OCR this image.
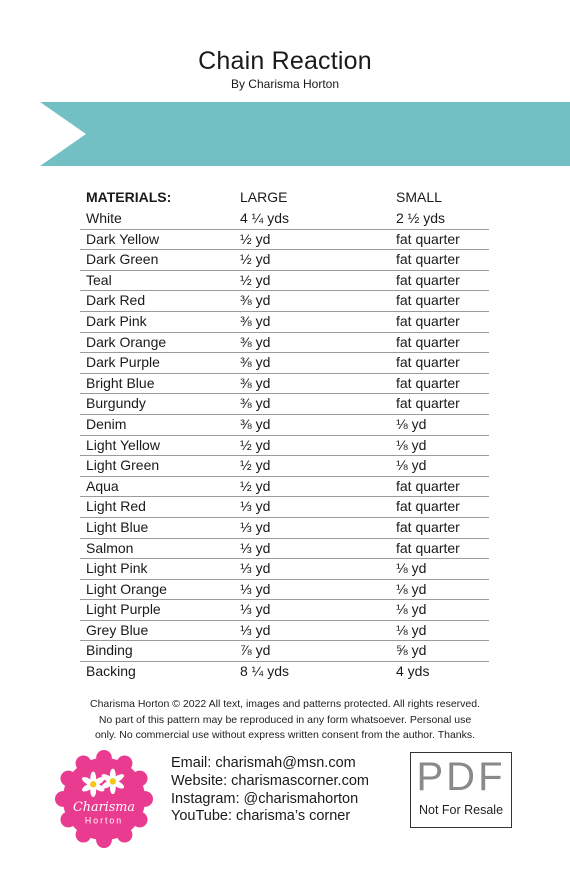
Chain Reaction
By Charisma Horton
MATERIALS:	LARGE	SMALL
White	4 ¼ yds	2 ½ yds
Dark Yellow	½ yd	fat quarter
Dark Green	½ yd	fat quarter
Teal	½ yd	fat quarter
Dark Red	⅜ yd	fat quarter
Dark Pink	⅜ yd	fat quarter
Dark Orange	⅜ yd	fat quarter
Dark Purple	⅜ yd	fat quarter
Bright Blue	⅜ yd	fat quarter
Burgundy	⅜ yd	fat quarter
Denim	⅜ yd	⅛ yd
Light Yellow	½ yd	⅛ yd
Light Green	½ yd	⅛ yd
Aqua	½ yd	fat quarter
Light Red	⅓ yd	fat quarter
Light Blue	⅓ yd	fat quarter
Salmon	⅓ yd	fat quarter
Light Pink	⅓ yd	⅛ yd
Light Orange	⅓ yd	⅛ yd
Light Purple	⅓ yd	⅛ yd
Grey Blue	⅓ yd	⅛ yd
Binding	⅞ yd	⅝ yd
Backing	8 ¼ yds	4 yds
Charisma Horton © 2022 All text, images and patterns protected. All rights reserved.
No part of this pattern may be reproduced in any form whatsoever. Personal use
only. No commercial use without express written consent from the author. Thanks.
Charisma
Horton
Email: charismah@msn.com
Website: charismascorner.com
Instagram: @charismahorton
YouTube: charisma’s corner
PDF
Not For Resale
